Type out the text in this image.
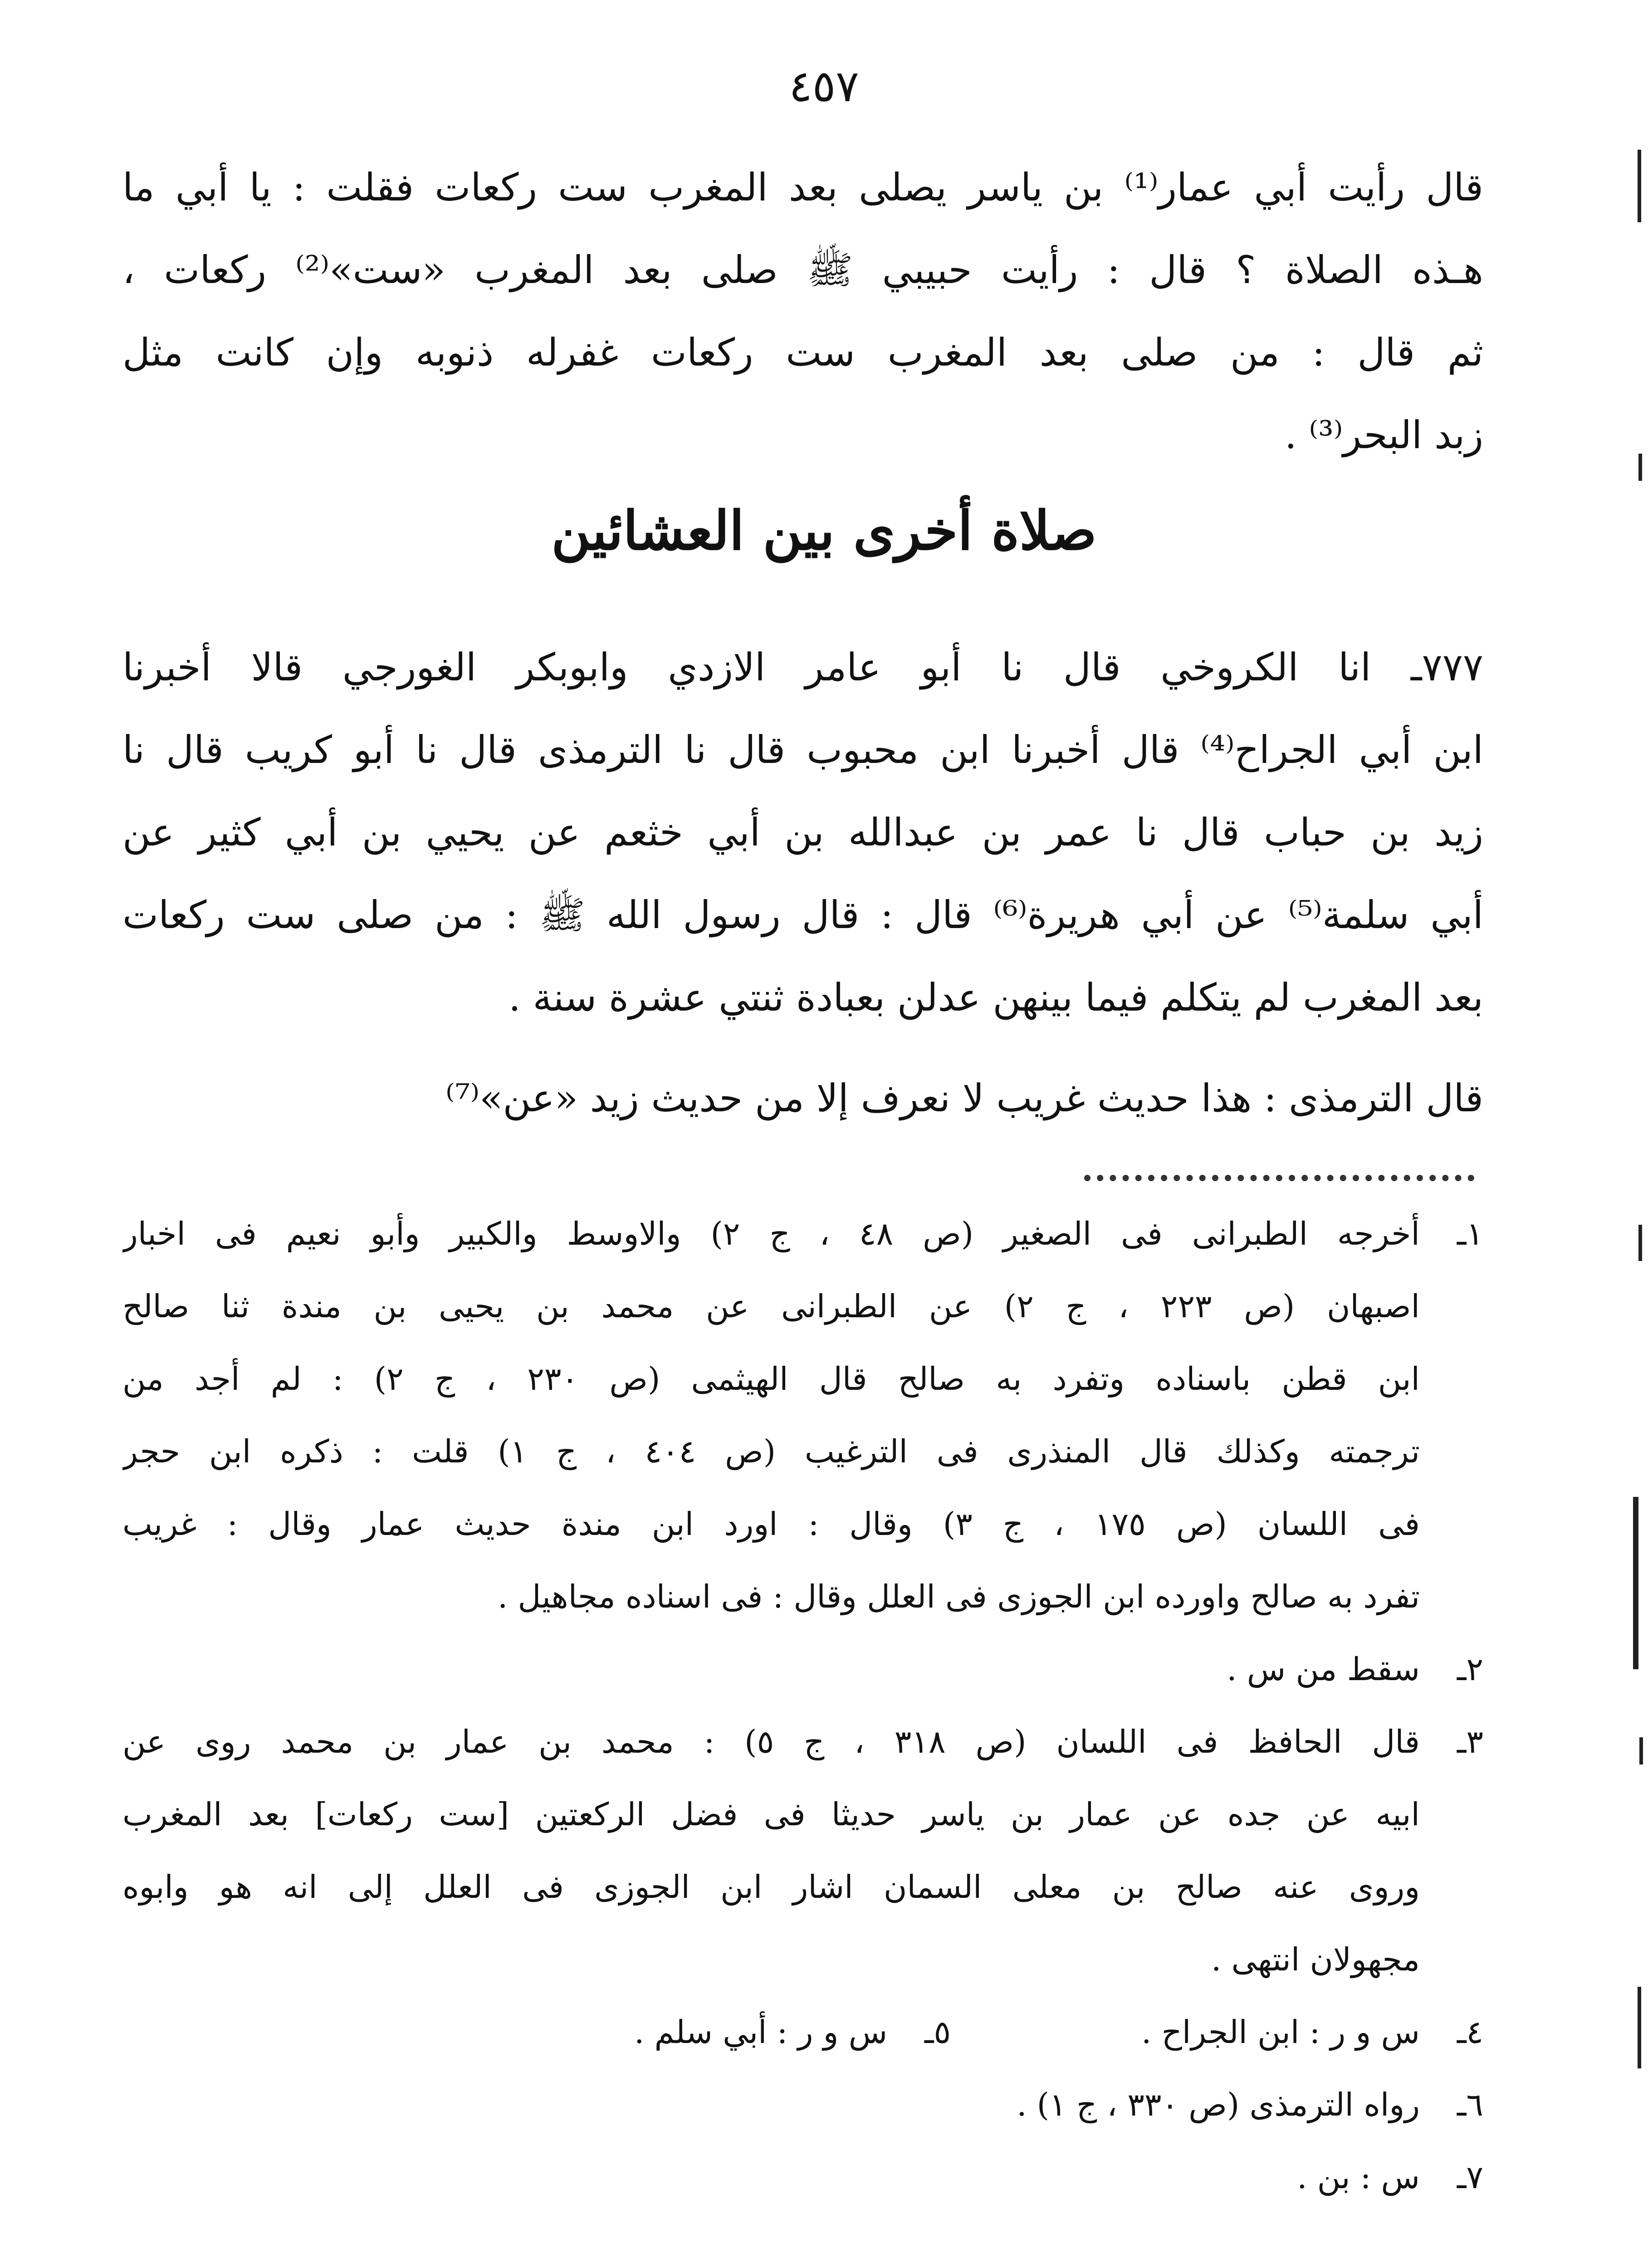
٤٥٧
قال رأيت أبي عمار⁽¹⁾ بن ياسر يصلى بعد المغرب ست ركعات فقلت : يا أبي ما
هـذه الصلاة ؟ قال : رأيت حبيبي ﷺ صلى بعد المغرب «ست»⁽²⁾ ركعات ،
ثم قال : من صلى بعد المغرب ست ركعات غفرله ذنوبه وإن كانت مثل
زبد البحر⁽³⁾ .
صلاة أخرى بين العشائين
٧٧٧ـ انا الكروخي قال نا أبو عامر الازدي وابوبكر الغورجي قالا أخبرنا
ابن أبي الجراح⁽⁴⁾ قال أخبرنا ابن محبوب قال نا الترمذى قال نا أبو كريب قال نا
زيد بن حباب قال نا عمر بن عبدالله بن أبي خثعم عن يحيي بن أبي كثير عن
أبي سلمة⁽⁵⁾ عن أبي هريرة⁽⁶⁾ قال : قال رسول الله ﷺ : من صلى ست ركعات
بعد المغرب لم يتكلم فيما بينهن عدلن بعبادة ثنتي عشرة سنة .
قال الترمذى : هذا حديث غريب لا نعرف إلا من حديث زيد «عن»⁽⁷⁾
١ـ
أخرجه الطبرانى فى الصغير (ص ٤٨ ، ج ٢) والاوسط والكبير وأبو نعيم فى اخبار
اصبهان (ص ٢٢٣ ، ج ٢) عن الطبرانى عن محمد بن يحيى بن مندة ثنا صالح
ابن قطن باسناده وتفرد به صالح قال الهيثمى (ص ٢٣٠ ، ج ٢) : لم أجد من
ترجمته وكذلك قال المنذرى فى الترغيب (ص ٤٠٤ ، ج ١) قلت : ذكره ابن حجر
فى اللسان (ص ١٧٥ ، ج ٣) وقال : اورد ابن مندة حديث عمار وقال : غريب
تفرد به صالح واورده ابن الجوزى فى العلل وقال : فى اسناده مجاهيل .
٢ـ
سقط من س .
٣ـ
قال الحافظ فى اللسان (ص ٣١٨ ، ج ٥) : محمد بن عمار بن محمد روى عن
ابيه عن جده عن عمار بن ياسر حديثا فى فضل الركعتين [ست ركعات] بعد المغرب
وروى عنه صالح بن معلى السمان اشار ابن الجوزى فى العلل إلى انه هو وابوه
مجهولان انتهى .
٤ـ
س و ر : ابن الجراح .
٥ـ
س و ر : أبي سلم .
٦ـ
رواه الترمذى (ص ٣٣٠ ، ج ١) .
٧ـ
س : بن .
